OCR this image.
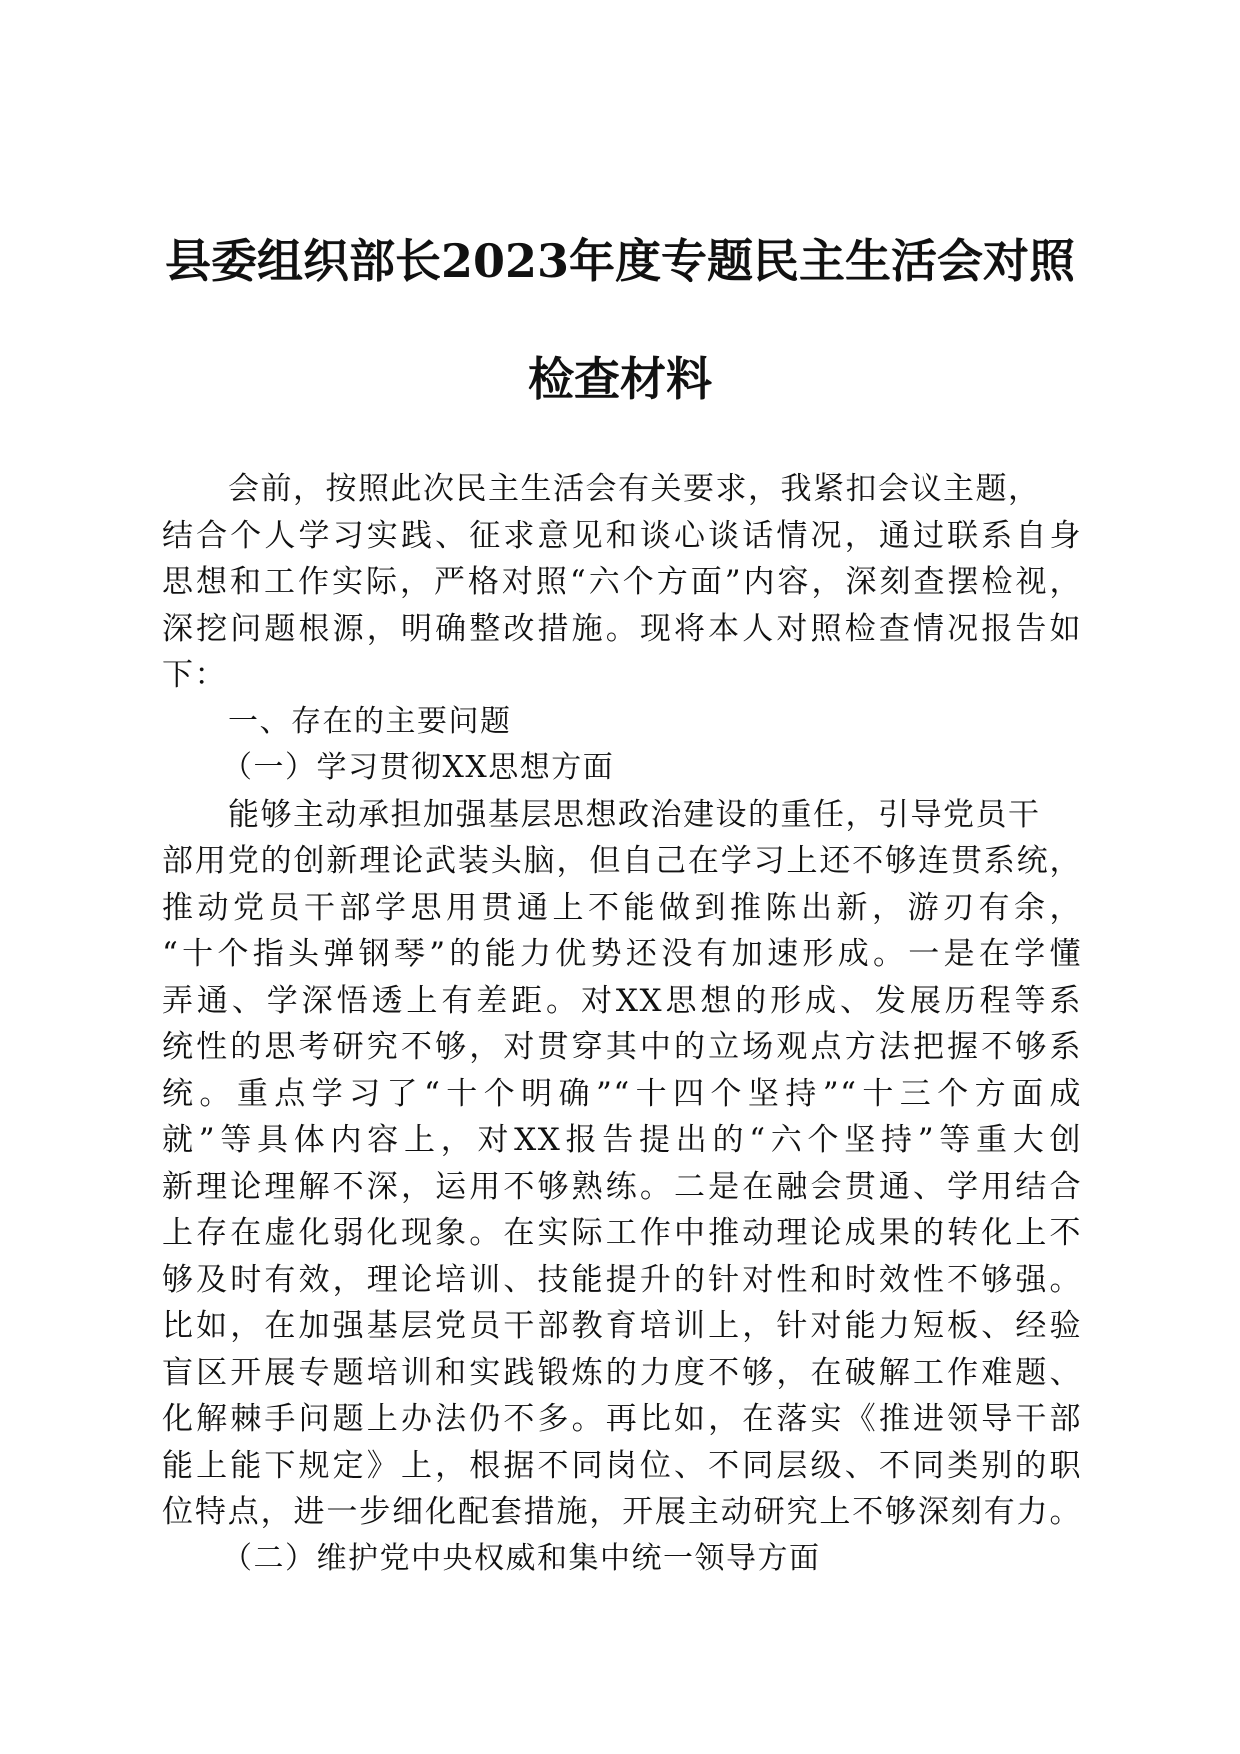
县委组织部长2023年度专题民主生活会对照
检查材料
会前，按照此次民主生活会有关要求，我紧扣会议主题，
结合个人学习实践、征求意见和谈心谈话情况，通过联系自身
思想和工作实际，严格对照“六个方面”内容，深刻查摆检视，
深挖问题根源，明确整改措施。现将本人对照检查情况报告如
下：
一、存在的主要问题
（一）学习贯彻XX思想方面
能够主动承担加强基层思想政治建设的重任，引导党员干
部用党的创新理论武装头脑，但自己在学习上还不够连贯系统，
推动党员干部学思用贯通上不能做到推陈出新，游刃有余，
“十个指头弹钢琴”的能力优势还没有加速形成。一是在学懂
弄通、学深悟透上有差距。对XX思想的形成、发展历程等系
统性的思考研究不够，对贯穿其中的立场观点方法把握不够系
统。重点学习了“十个明确”“十四个坚持”“十三个方面成
就”等具体内容上，对XX报告提出的“六个坚持”等重大创
新理论理解不深，运用不够熟练。二是在融会贯通、学用结合
上存在虚化弱化现象。在实际工作中推动理论成果的转化上不
够及时有效，理论培训、技能提升的针对性和时效性不够强。
比如，在加强基层党员干部教育培训上，针对能力短板、经验
盲区开展专题培训和实践锻炼的力度不够，在破解工作难题、
化解棘手问题上办法仍不多。再比如，在落实《推进领导干部
能上能下规定》上，根据不同岗位、不同层级、不同类别的职
位特点，进一步细化配套措施，开展主动研究上不够深刻有力。
（二）维护党中央权威和集中统一领导方面
